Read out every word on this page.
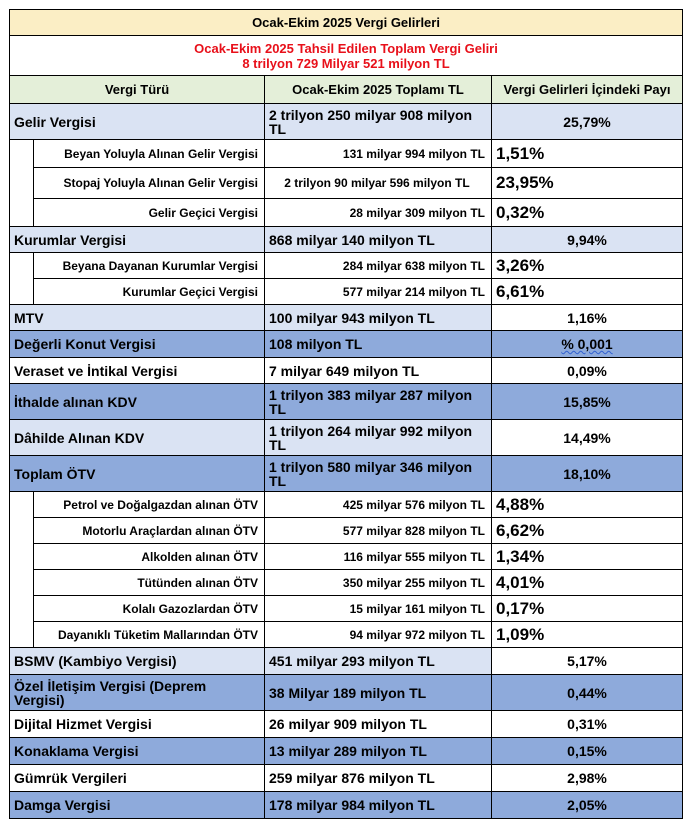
Ocak-Ekim 2025 Vergi Gelirleri			

Ocak-Ekim 2025 Tahsil Edilen Toplam Vergi Geliri
8 trilyon 729 Milyar 521 milyon TL			

Vergi Türü		Ocak-Ekim 2025 Toplamı TL	Vergi Gelirleri İçindeki Payı
Gelir Vergisi		2 trilyon 250 milyar 908 milyon TL	25,79%
	Beyan Yoluyla Alınan Gelir Vergisi	131 milyar 994 milyon TL	1,51%
	Stopaj Yoluyla Alınan Gelir Vergisi	2 trilyon 90 milyar 596 milyon TL	23,95%
	Gelir Geçici Vergisi	28 milyar 309 milyon TL	0,32%
Kurumlar Vergisi		868 milyar 140 milyon TL	9,94%
	Beyana Dayanan Kurumlar Vergisi	284 milyar 638 milyon TL	3,26%
	Kurumlar Geçici Vergisi	577 milyar 214 milyon TL	6,61%
MTV		100 milyar 943 milyon TL	1,16%
Değerli Konut Vergisi		108 milyon TL	% 0,001
Veraset ve İntikal Vergisi		7 milyar 649 milyon TL	0,09%
İthalde alınan KDV		1 trilyon 383 milyar 287 milyon TL	15,85%
Dâhilde Alınan KDV		1 trilyon 264 milyar 992 milyon TL	14,49%
Toplam ÖTV		1 trilyon 580 milyar 346 milyon TL	18,10%
	Petrol ve Doğalgazdan alınan ÖTV	425 milyar 576 milyon TL	4,88%
	Motorlu Araçlardan alınan ÖTV	577 milyar 828 milyon TL	6,62%
	Alkolden alınan ÖTV	116 milyar 555 milyon TL	1,34%
	Tütünden alınan ÖTV	350 milyar 255 milyon TL	4,01%
	Kolalı Gazozlardan ÖTV	15 milyar 161 milyon TL	0,17%
	Dayanıklı Tüketim Mallarından ÖTV	94 milyar 972 milyon TL	1,09%
BSMV (Kambiyo Vergisi)		451 milyar 293 milyon TL	5,17%
Özel İletişim Vergisi (Deprem Vergisi)		38 Milyar 189 milyon TL	0,44%
Dijital Hizmet Vergisi		26 milyar 909 milyon TL	0,31%
Konaklama Vergisi		13 milyar 289 milyon TL	0,15%
Gümrük Vergileri		259 milyar 876 milyon TL	2,98%
Damga Vergisi		178 milyar 984 milyon TL	2,05%
